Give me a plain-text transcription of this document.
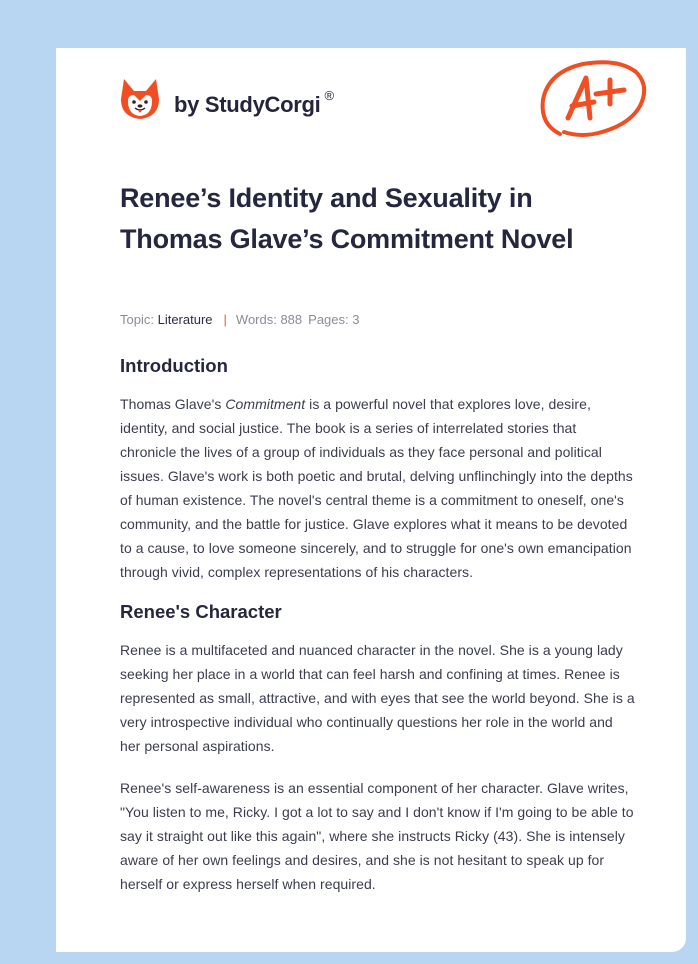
by StudyCorgi ®
Renee’s Identity and Sexuality in Thomas Glave’s Commitment Novel
Topic: Literature | Words: 888 Pages: 3
Introduction

Thomas Glave's Commitment is a powerful novel that explores love, desire, identity, and social justice. The book is a series of interrelated stories that chronicle the lives of a group of individuals as they face personal and political issues. Glave's work is both poetic and brutal, delving unflinchingly into the depths of human existence. The novel's central theme is a commitment to oneself, one's community, and the battle for justice. Glave explores what it means to be devoted to a cause, to love someone sincerely, and to struggle for one's own emancipation through vivid, complex representations of his characters.

Renee's Character

Renee is a multifaceted and nuanced character in the novel. She is a young lady seeking her place in a world that can feel harsh and confining at times. Renee is represented as small, attractive, and with eyes that see the world beyond. She is a very introspective individual who continually questions her role in the world and her personal aspirations.

Renee's self-awareness is an essential component of her character. Glave writes, "You listen to me, Ricky. I got a lot to say and I don't know if I'm going to be able to say it straight out like this again", where she instructs Ricky (43). She is intensely aware of her own feelings and desires, and she is not hesitant to speak up for herself or express herself when required.
